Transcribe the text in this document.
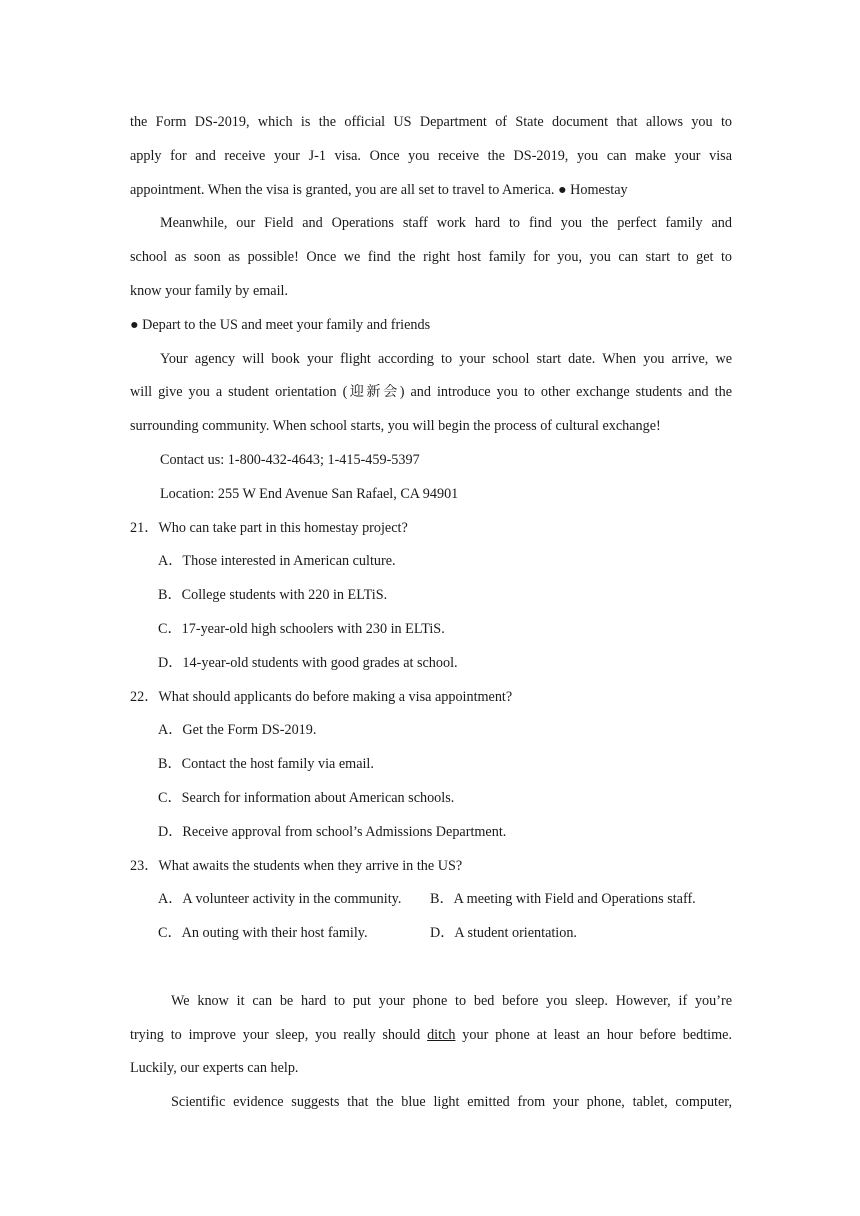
the Form DS-2019, which is the official US Department of State document that allows you to
apply for and receive your J-1 visa. Once you receive the DS-2019, you can make your visa
appointment. When the visa is granted, you are all set to travel to America. ● Homestay
Meanwhile, our Field and Operations staff work hard to find you the perfect family and
school as soon as possible! Once we find the right host family for you, you can start to get to
know your family by email.
● Depart to the US and meet your family and friends
Your agency will book your flight according to your school start date. When you arrive, we
will give you a student orientation (迎新会) and introduce you to other exchange students and the
surrounding community. When school starts, you will begin the process of cultural exchange!
Contact us: 1-800-432-4643; 1-415-459-5397
Location: 255 W End Avenue San Rafael, CA 94901
21．Who can take part in this homestay project?
A．Those interested in American culture.
B．College students with 220 in ELTiS.
C．17-year-old high schoolers with 230 in ELTiS.
D．14-year-old students with good grades at school.
22．What should applicants do before making a visa appointment?
A．Get the Form DS-2019.
B．Contact the host family via email.
C．Search for information about American schools.
D．Receive approval from school’s Admissions Department.
23．What awaits the students when they arrive in the US?
A．A volunteer activity in the community. B．A meeting with Field and Operations staff.
C．An outing with their host family.	D．A student orientation.
We know it can be hard to put your phone to bed before you sleep. However, if you’re
trying to improve your sleep, you really should ditch your phone at least an hour before bedtime.
Luckily, our experts can help.
Scientific evidence suggests that the blue light emitted from your phone, tablet, computer,
